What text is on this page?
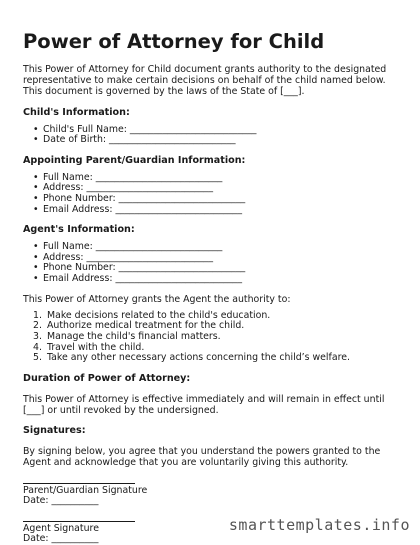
Power of Attorney for Child

This Power of Attorney for Child document grants authority to the designated representative to make certain decisions on behalf of the child named below. This document is governed by the laws of the State of [___].

Child's Information:
• Child's Full Name: ___________________________
• Date of Birth: ___________________________
Appointing Parent/Guardian Information:
• Full Name: ___________________________
• Address: ___________________________
• Phone Number: ___________________________
• Email Address: ___________________________
Agent's Information:
• Full Name: ___________________________
• Address: ___________________________
• Phone Number: ___________________________
• Email Address: ___________________________

This Power of Attorney grants the Agent the authority to:

1. Make decisions related to the child's education.
2. Authorize medical treatment for the child.
3. Manage the child's financial matters.
4. Travel with the child.
5. Take any other necessary actions concerning the child’s welfare.
Duration of Power of Attorney:

This Power of Attorney is effective immediately and will remain in effect until [___] or until revoked by the undersigned.

Signatures:

By signing below, you agree that you understand the powers granted to the Agent and acknowledge that you are voluntarily giving this authority.

Parent/Guardian Signature
Date: __________
Agent Signature
Date: __________
smarttemplates.info
